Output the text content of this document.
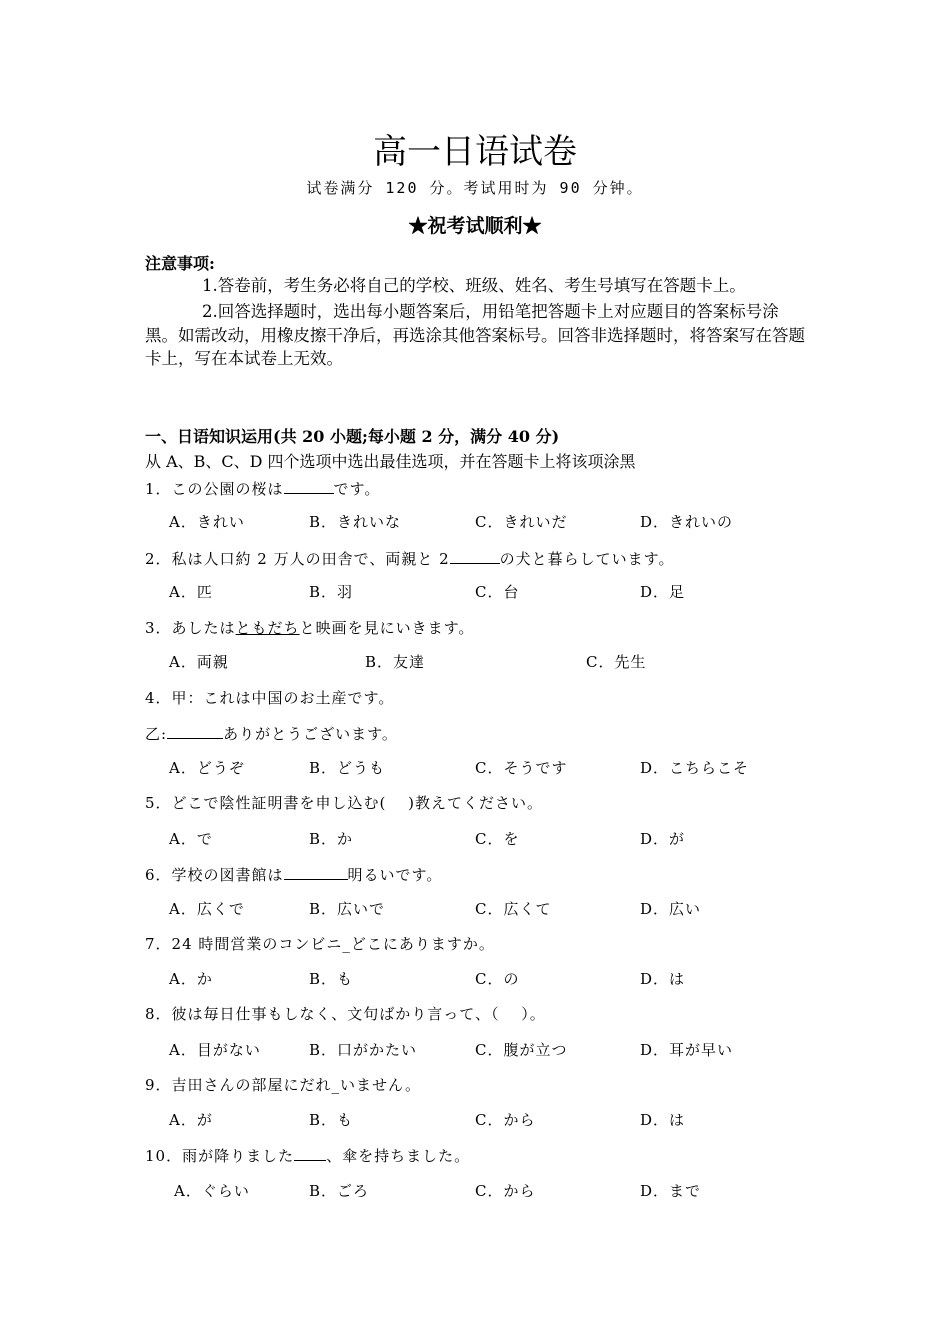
高一日语试卷
试卷满分 120 分。考试用时为 90 分钟。
★祝考试顺利★
注意事项:
1.答卷前，考生务必将自己的学校、班级、姓名、考生号填写在答题卡上。
2.回答选择题时，选出每小题答案后，用铅笔把答题卡上对应题目的答案标号涂黑。如需改动，用橡皮擦干净后，再选涂其他答案标号。回答非选择题时，将答案写在答题卡上，写在本试卷上无效。
一、日语知识运用(共 20 小题;每小题 2 分，满分 40 分)
从 A、B、C、D 四个选项中选出最佳选项，并在答题卡上将该项涂黑
1．この公園の桜は	です。
A．きれい	B．きれいな	C．きれいだ	D．きれいの
2．私は人口約 2 万人の田舎で、両親と 2	の犬と暮らしています。
A．匹	B．羽	C．台	D．足
3．あしたはともだちと映画を見にいきます。
A．両親	B．友達	C．先生
4．甲：これは中国のお土産です。
乙:	ありがとうございます。
A．どうぞ	B．どうも	C．そうです	D．こちらこそ
5．どこで陰性証明書を申し込む(　 )教えてください。
A．で	B．か	C．を	D．が
6．学校の図書館は	明るいです。
A．広くで	B．広いで	C．広くて	D．広い
7．24 時間営業のコンビニ_どこにありますか。
A．か	B．も	C．の	D．は
8．彼は毎日仕事もしなく、文句ばかり言って、（　 ）。
A．目がない	B．口がかたい	C．腹が立つ	D．耳が早い
9．吉田さんの部屋にだれ_いません。
A．が	B．も	C．から	D．は
10．雨が降りました 、傘を持ちました。
A．ぐらい	B．ごろ	C．から	D．まで
